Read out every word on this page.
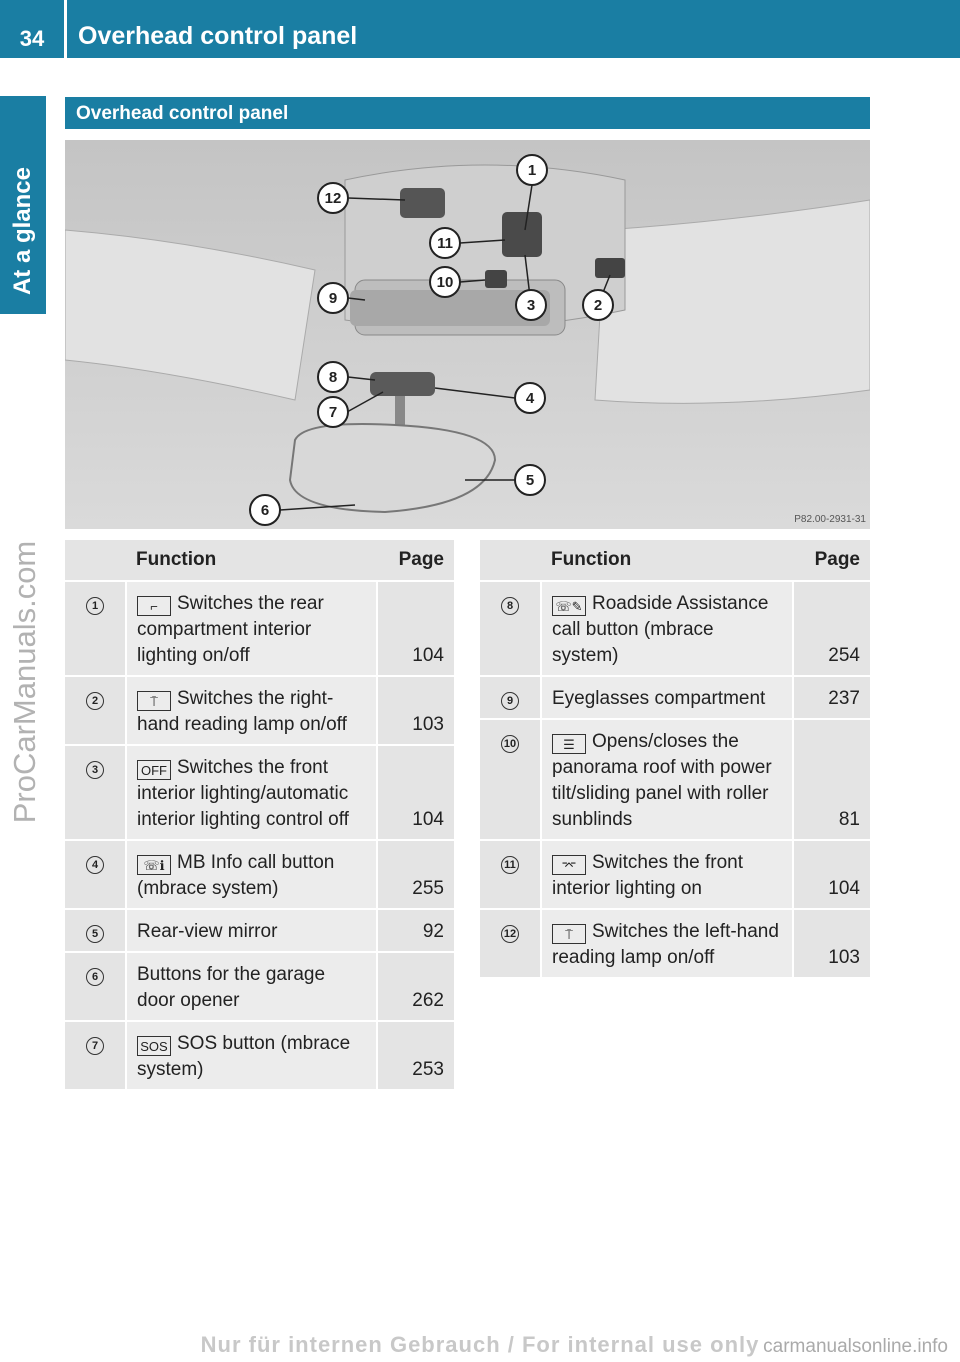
34	Overhead control panel
At a glance
ProCarManuals.com
Overhead control panel
1
2
3
4
5
6
7
8
9
10
11
12
P82.00-2931-31
	Function	Page
1	⌐ Switches the rear compartment interior lighting on/off	104
2	⍑ Switches the right-hand reading lamp on/off	103
3	OFF Switches the front interior lighting/automatic interior lighting control off	104
4	☏ℹ MB Info call button (mbrace system)	255
5	Rear-view mirror	92
6	Buttons for the garage door opener	262
7	SOS SOS button (mbrace system)	253
	Function	Page
8	☏✎ Roadside Assistance call button (mbrace system)	254
9	Eyeglasses compartment	237
10	☰ Opens/closes the panorama roof with power tilt/sliding panel with roller sunblinds	81
11	⌤ Switches the front interior lighting on	104
12	⍑ Switches the left-hand reading lamp on/off	103
Nur für internen Gebrauch / For internal use only carmanualsonline.info
